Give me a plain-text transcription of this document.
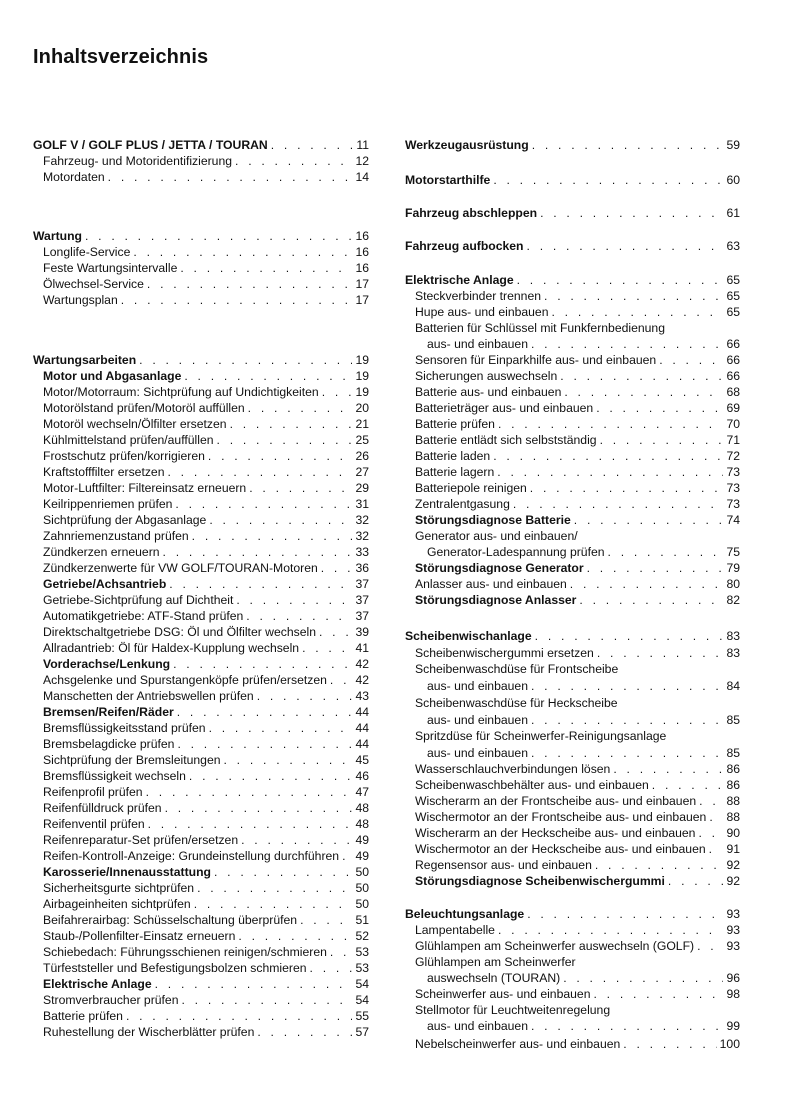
Inhaltsverzeichnis
GOLF V / GOLF PLUS / JETTA / TOURAN . . .	11
Fahrzeug- und Motoridentifizierung . . .	12
Motordaten . . .	14
Wartung . . .	16
Longlife-Service . . .	16
Feste Wartungsintervalle . . .	16
Ölwechsel-Service . . .	17
Wartungsplan . . .	17
Wartungsarbeiten . . .	19
Motor und Abgasanlage . . .	19
Motor/Motorraum: Sichtprüfung auf Undichtigkeiten . . .	19
Motorölstand prüfen/Motoröl auffüllen . . .	20
Motoröl wechseln/Ölfilter ersetzen . . .	21
Kühlmittelstand prüfen/auffüllen . . .	25
Frostschutz prüfen/korrigieren . . .	26
Kraftstofffilter ersetzen . . .	27
Motor-Luftfilter: Filtereinsatz erneuern . . .	29
Keilrippenriemen prüfen . . .	31
Sichtprüfung der Abgasanlage . . .	32
Zahnriemenzustand prüfen . . .	32
Zündkerzen erneuern . . .	33
Zündkerzenwerte für VW GOLF/TOURAN-Motoren . . .	36
Getriebe/Achsantrieb . . .	37
Getriebe-Sichtprüfung auf Dichtheit . . .	37
Automatikgetriebe: ATF-Stand prüfen . . .	37
Direktschaltgetriebe DSG: Öl und Ölfilter wechseln . . .	39
Allradantrieb: Öl für Haldex-Kupplung wechseln . . .	41
Vorderachse/Lenkung . . .	42
Achsgelenke und Spurstangenköpfe prüfen/ersetzen . . . 42
Manschetten der Antriebswellen prüfen . . .	43
Bremsen/Reifen/Räder . . .	44
Bremsflüssigkeitsstand prüfen . . .	44
Bremsbelagdicke prüfen . . .	44
Sichtprüfung der Bremsleitungen . . .	45
Bremsflüssigkeit wechseln . . .	46
Reifenprofil prüfen . . .	47
Reifenfülldruck prüfen . . .	48
Reifenventil prüfen . . .	48
Reifenreparatur-Set prüfen/ersetzen . . .	49
Reifen-Kontroll-Anzeige: Grundeinstellung durchführen . . . 49
Karosserie/Innenausstattung . . .	50
Sicherheitsgurte sichtprüfen . . .	50
Airbageinheiten sichtprüfen . . .	50
Beifahrerairbag: Schüsselschaltung überprüfen . . .	51
Staub-/Pollenfilter-Einsatz erneuern . . .	52
Schiebedach: Führungsschienen reinigen/schmieren . . . 53
Türfeststeller und Befestigungsbolzen schmieren . . .	53
Elektrische Anlage . . .	54
Stromverbraucher prüfen . . .	54
Batterie prüfen . . .	55
Ruhestellung der Wischerblätter prüfen . . .	57
Werkzeugausrüstung . . .	59
Motorstarthilfe . . .	60
Fahrzeug abschleppen . . .	61
Fahrzeug aufbocken . . .	63
Elektrische Anlage . . .	65
Steckverbinder trennen . . .	65
Hupe aus- und einbauen . . .	65
Batterien für Schlüssel mit Funkfernbedienung
aus- und einbauen . . .	66
Sensoren für Einparkhilfe aus- und einbauen . . .	66
Sicherungen auswechseln . . .	66
Batterie aus- und einbauen . . .	68
Batterieträger aus- und einbauen . . .	69
Batterie prüfen . . .	70
Batterie entlädt sich selbstständig . . .	71
Batterie laden . . .	72
Batterie lagern . . .	73
Batteriepole reinigen . . .	73
Zentralentgasung . . .	73
Störungsdiagnose Batterie . . .	74
Generator aus- und einbauen/
Generator-Ladespannung prüfen . . .	75
Störungsdiagnose Generator . . .	79
Anlasser aus- und einbauen . . .	80
Störungsdiagnose Anlasser . . .	82
Scheibenwischanlage . . .	83
Scheibenwischergummi ersetzen . . .	83
Scheibenwaschdüse für Frontscheibe
aus- und einbauen . . .	84
Scheibenwaschdüse für Heckscheibe
aus- und einbauen . . .	85
Spritzdüse für Scheinwerfer-Reinigungsanlage
aus- und einbauen . . .	85
Wasserschlauchverbindungen lösen . . .	86
Scheibenwaschbehälter aus- und einbauen . . .	86
Wischerarm an der Frontscheibe aus- und einbauen . . . 88
Wischermotor an der Frontscheibe aus- und einbauen . . . 88
Wischerarm an der Heckscheibe aus- und einbauen . . .	90
Wischermotor an der Heckscheibe aus- und einbauen . . . 91
Regensensor aus- und einbauen . . .	92
Störungsdiagnose Scheibenwischergummi . . .	92
Beleuchtungsanlage . . .	93
Lampentabelle . . .	93
Glühlampen am Scheinwerfer auswechseln (GOLF) . . .	93
Glühlampen am Scheinwerfer
auswechseln (TOURAN) . . .	96
Scheinwerfer aus- und einbauen . . .	98
Stellmotor für Leuchtweitenregelung
aus- und einbauen . . .	99
Nebelscheinwerfer aus- und einbauen . . .	100
